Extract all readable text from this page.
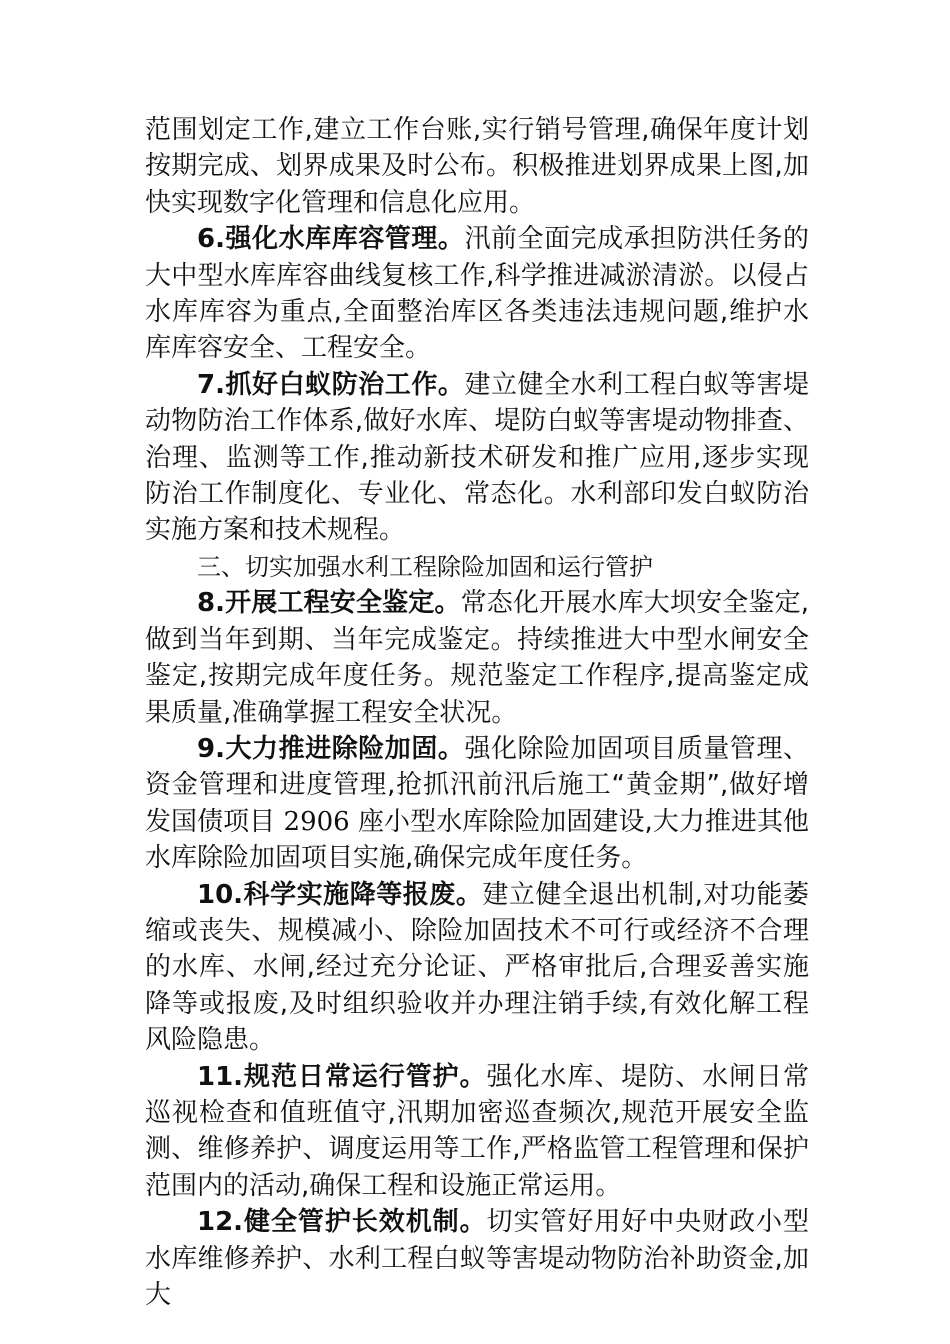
范围划定工作,建立工作台账,实行销号管理,确保年度计划按期完成、划界成果及时公布。积极推进划界成果上图,加快实现数字化管理和信息化应用。

6.强化水库库容管理。汛前全面完成承担防洪任务的大中型水库库容曲线复核工作,科学推进减淤清淤。以侵占水库库容为重点,全面整治库区各类违法违规问题,维护水库库容安全、工程安全。

7.抓好白蚁防治工作。建立健全水利工程白蚁等害堤动物防治工作体系,做好水库、堤防白蚁等害堤动物排查、治理、监测等工作,推动新技术研发和推广应用,逐步实现防治工作制度化、专业化、常态化。水利部印发白蚁防治实施方案和技术规程。

三、切实加强水利工程除险加固和运行管护

8.开展工程安全鉴定。常态化开展水库大坝安全鉴定,做到当年到期、当年完成鉴定。持续推进大中型水闸安全鉴定,按期完成年度任务。规范鉴定工作程序,提高鉴定成果质量,准确掌握工程安全状况。

9.大力推进除险加固。强化除险加固项目质量管理、资金管理和进度管理,抢抓汛前汛后施工“黄金期”,做好增发国债项目 2906 座小型水库除险加固建设,大力推进其他水库除险加固项目实施,确保完成年度任务。

10.科学实施降等报废。建立健全退出机制,对功能萎缩或丧失、规模减小、除险加固技术不可行或经济不合理的水库、水闸,经过充分论证、严格审批后,合理妥善实施降等或报废,及时组织验收并办理注销手续,有效化解工程风险隐患。

11.规范日常运行管护。强化水库、堤防、水闸日常巡视检查和值班值守,汛期加密巡查频次,规范开展安全监测、维修养护、调度运用等工作,严格监管工程管理和保护范围内的活动,确保工程和设施正常运用。

12.健全管护长效机制。切实管好用好中央财政小型水库维修养护、水利工程白蚁等害堤动物防治补助资金,加大
